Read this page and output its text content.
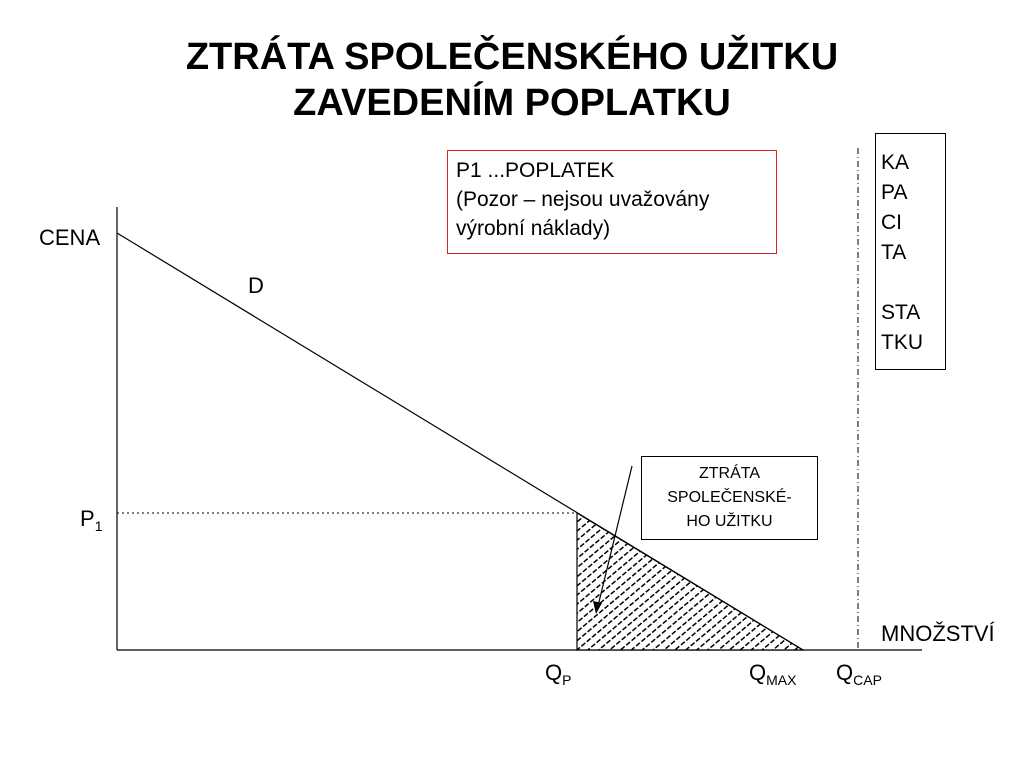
ZTRÁTA SPOLEČENSKÉHO UŽITKU
ZAVEDENÍM POPLATKU
CENA
D
$P_1$
MNOŽSTVÍ
$Q_P$	$Q_{MAX}$ $Q_{CAP}$
P1 ...POPLATEK
(Pozor – nejsou uvažovány
výrobní náklady)
KA
PA
CI
TA
STA
TKU
ZTRÁTA
SPOLEČENSKÉ-
HO UŽITKU
